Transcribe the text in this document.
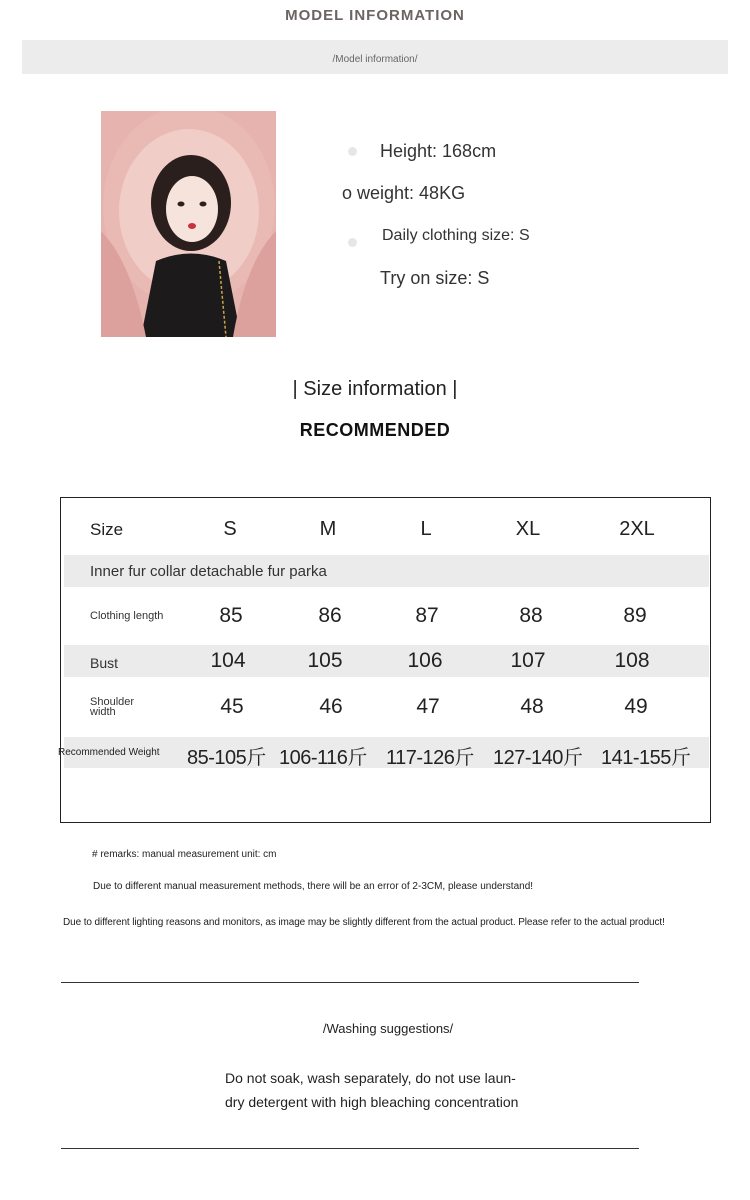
MODEL INFORMATION
/Model information/
Height: 168cm
o weight: 48KG
Daily clothing size: S
Try on size: S
| Size information |
RECOMMENDED
Size	S	M	L	XL	2XL
Inner fur collar detachable fur parka
Clothing length	85	86	87	88	89
Bust	104	105	106	107	108
Shoulder
width	45	46	47	48	49
Recommended Weight 85-105斤 106-116斤 117-126斤 127-140斤 141-155斤
# remarks: manual measurement unit: cm
Due to different manual measurement methods, there will be an error of 2-3CM, please understand!
Due to different lighting reasons and monitors, as image may be slightly different from the actual product. Please refer to the actual product!
/Washing suggestions/
Do not soak, wash separately, do not use laun-
dry detergent with high bleaching concentration
